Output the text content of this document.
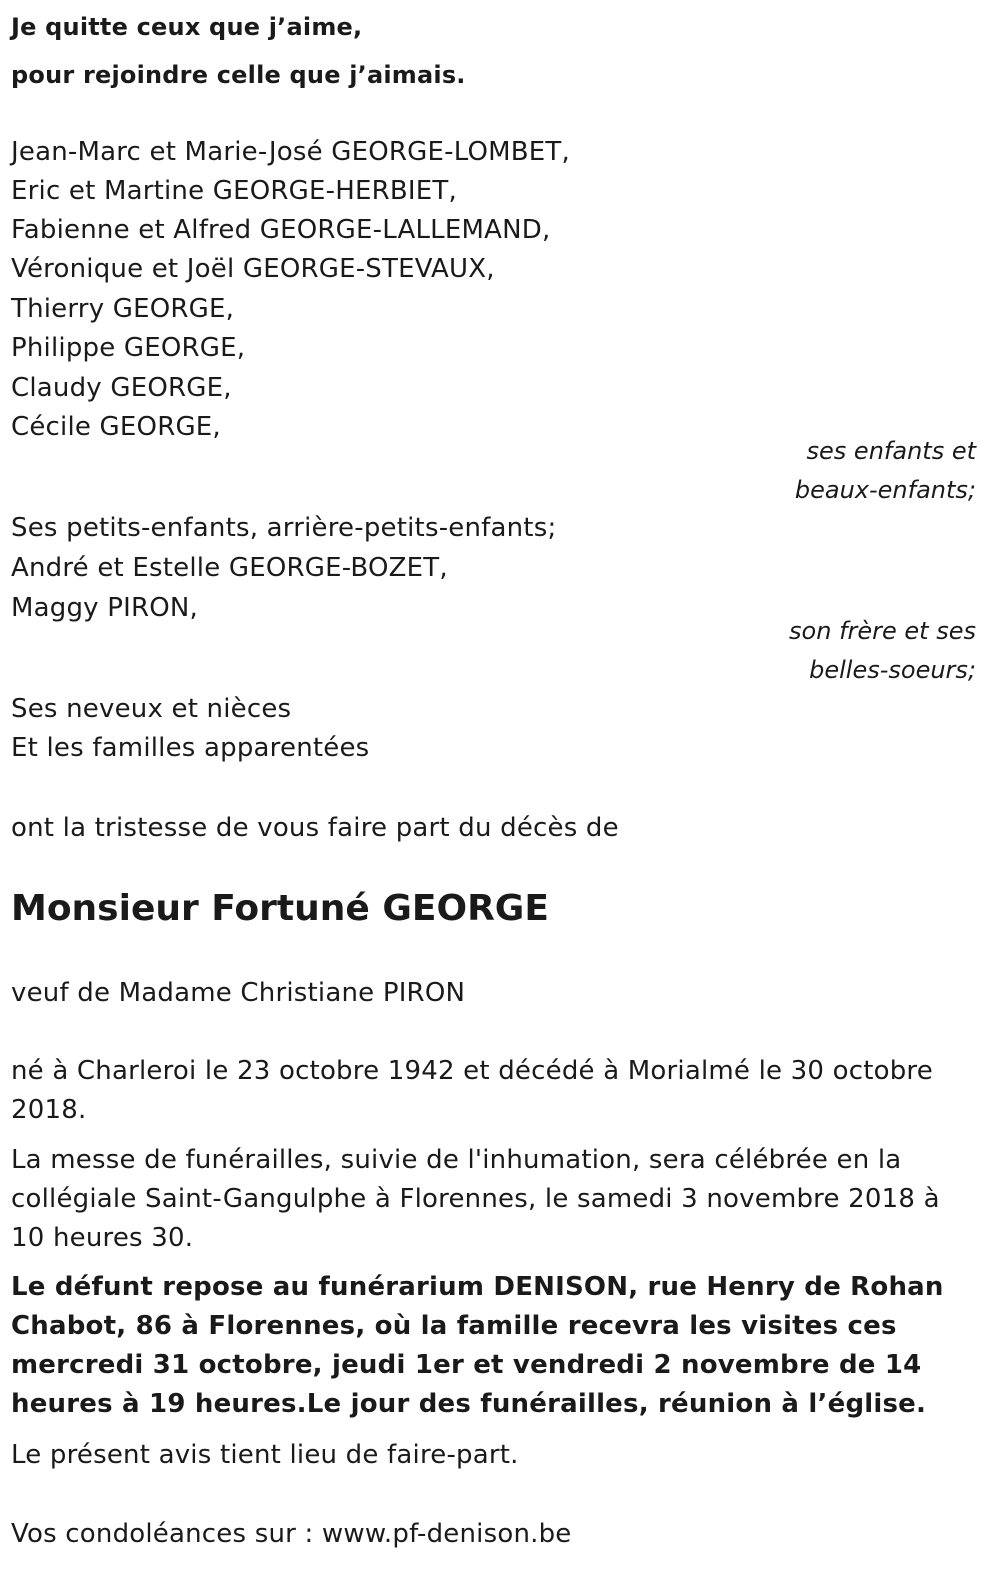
Je quitte ceux que j’aime,
pour rejoindre celle que j’aimais.
Jean-Marc et Marie-José GEORGE-LOMBET,
Eric et Martine GEORGE-HERBIET,
Fabienne et Alfred GEORGE-LALLEMAND,
Véronique et Joël GEORGE-STEVAUX,
Thierry GEORGE,
Philippe GEORGE,
Claudy GEORGE,
Cécile GEORGE,
ses enfants et
beaux-enfants;
Ses petits-enfants, arrière-petits-enfants;
André et Estelle GEORGE-BOZET,
Maggy PIRON,
son frère et ses
belles-soeurs;
Ses neveux et nièces
Et les familles apparentées
ont la tristesse de vous faire part du décès de
Monsieur Fortuné GEORGE
veuf de Madame Christiane PIRON
né à Charleroi le 23 octobre 1942 et décédé à Morialmé le 30 octobre 2018.
La messe de funérailles, suivie de l'inhumation, sera célébrée en la collégiale Saint-Gangulphe à Florennes, le samedi 3 novembre 2018 à 10 heures 30.
Le défunt repose au funérarium DENISON, rue Henry de Rohan Chabot, 86 à Florennes, où la famille recevra les visites ces mercredi 31 octobre, jeudi 1er et vendredi 2 novembre de 14 heures à 19 heures.Le jour des funérailles, réunion à l’église.
Le présent avis tient lieu de faire-part.
Vos condoléances sur : www.pf-denison.be
